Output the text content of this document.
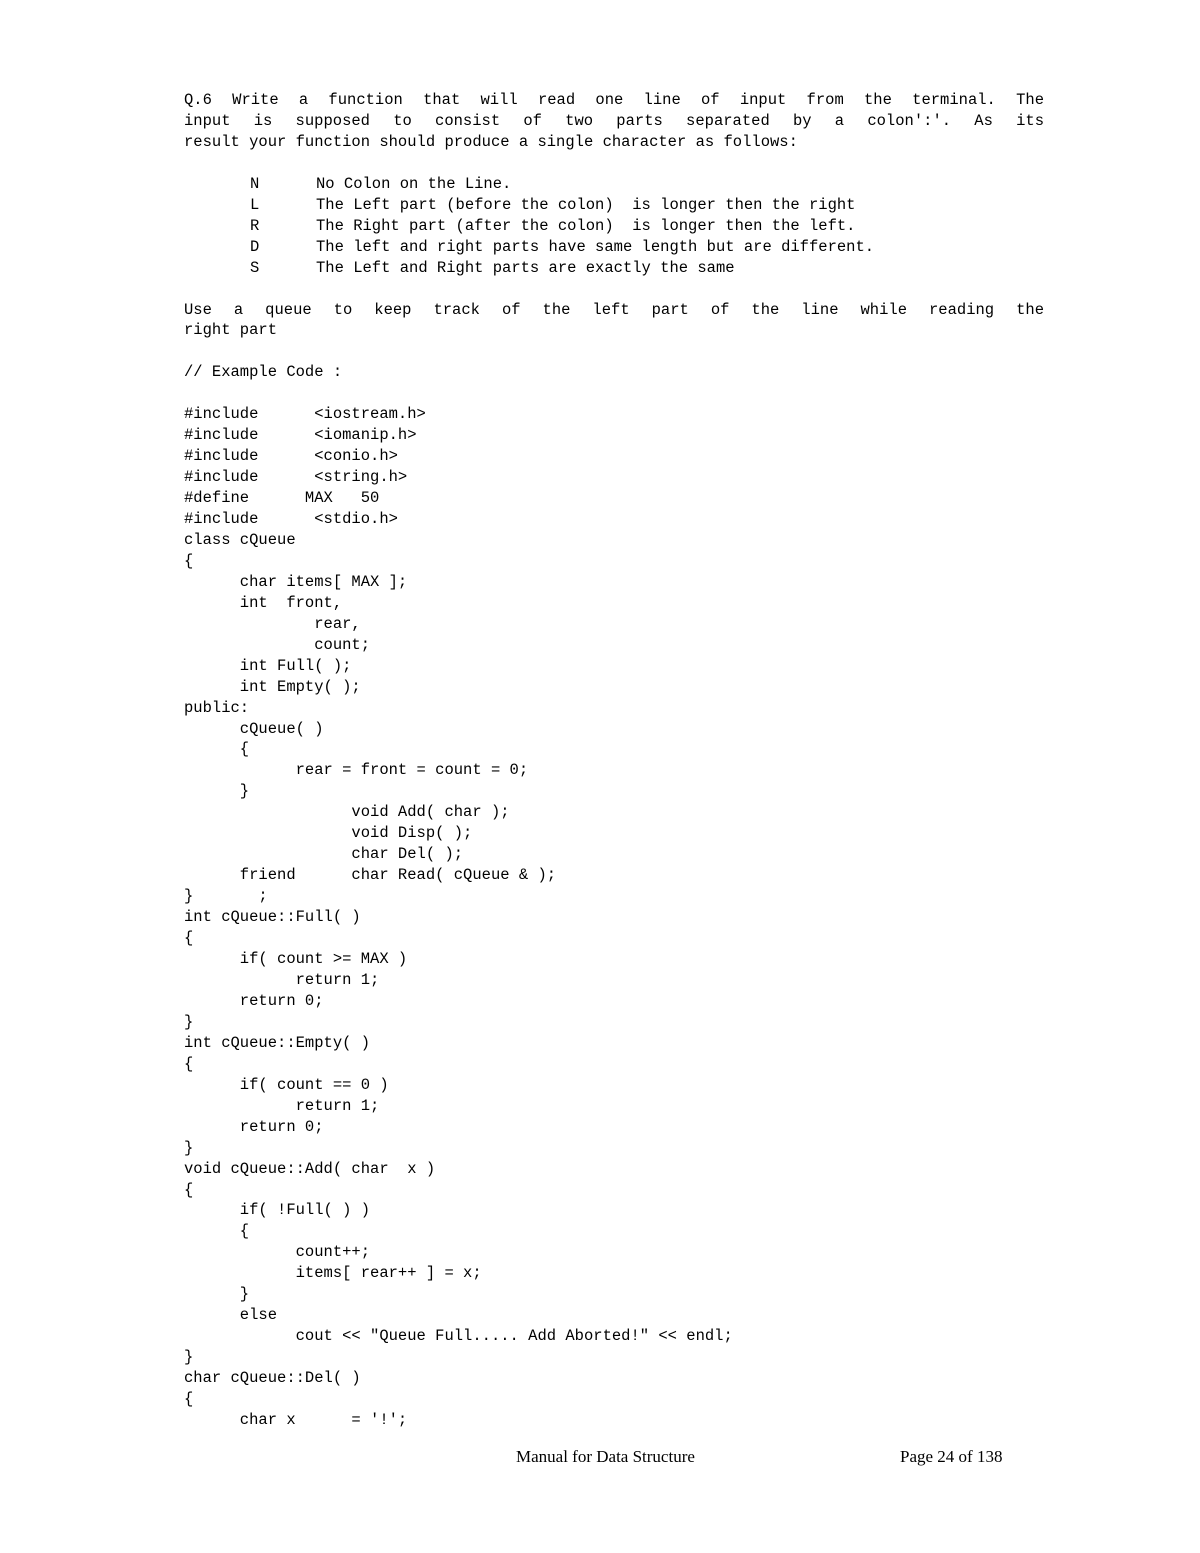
Q.6 Write a function that will read one line of input from the terminal. The
input is supposed to consist of two parts separated by a colon':'. As its
result your function should produce a single character as follows:
N	No Colon on the Line.
L	The Left part (before the colon)  is longer then the right
R	The Right part (after the colon)  is longer then the left.
D	The left and right parts have same length but are different.
S	The Left and Right parts are exactly the same
Use a queue to keep track of the left part of the line while reading the
right part
// Example Code :
#include      <iostream.h>
#include      <iomanip.h>
#include      <conio.h>
#include      <string.h>
#define      MAX   50
#include      <stdio.h>
class cQueue
{
char items[ MAX ];
int  front,
rear,
count;
int Full( );
int Empty( );
public:
cQueue( )
{
rear = front = count = 0;
}
void Add( char );
void Disp( );
char Del( );
friend      char Read( cQueue & );
}       ;
int cQueue::Full( )
{
if( count >= MAX )
return 1;
return 0;
}
int cQueue::Empty( )
{
if( count == 0 )
return 1;
return 0;
}
void cQueue::Add( char  x )
{
if( !Full( ) )
{
count++;
items[ rear++ ] = x;
}
else
cout << "Queue Full..... Add Aborted!" << endl;
}
char cQueue::Del( )
{
char x      = '!';
Manual for Data Structure	Page 24 of 138
